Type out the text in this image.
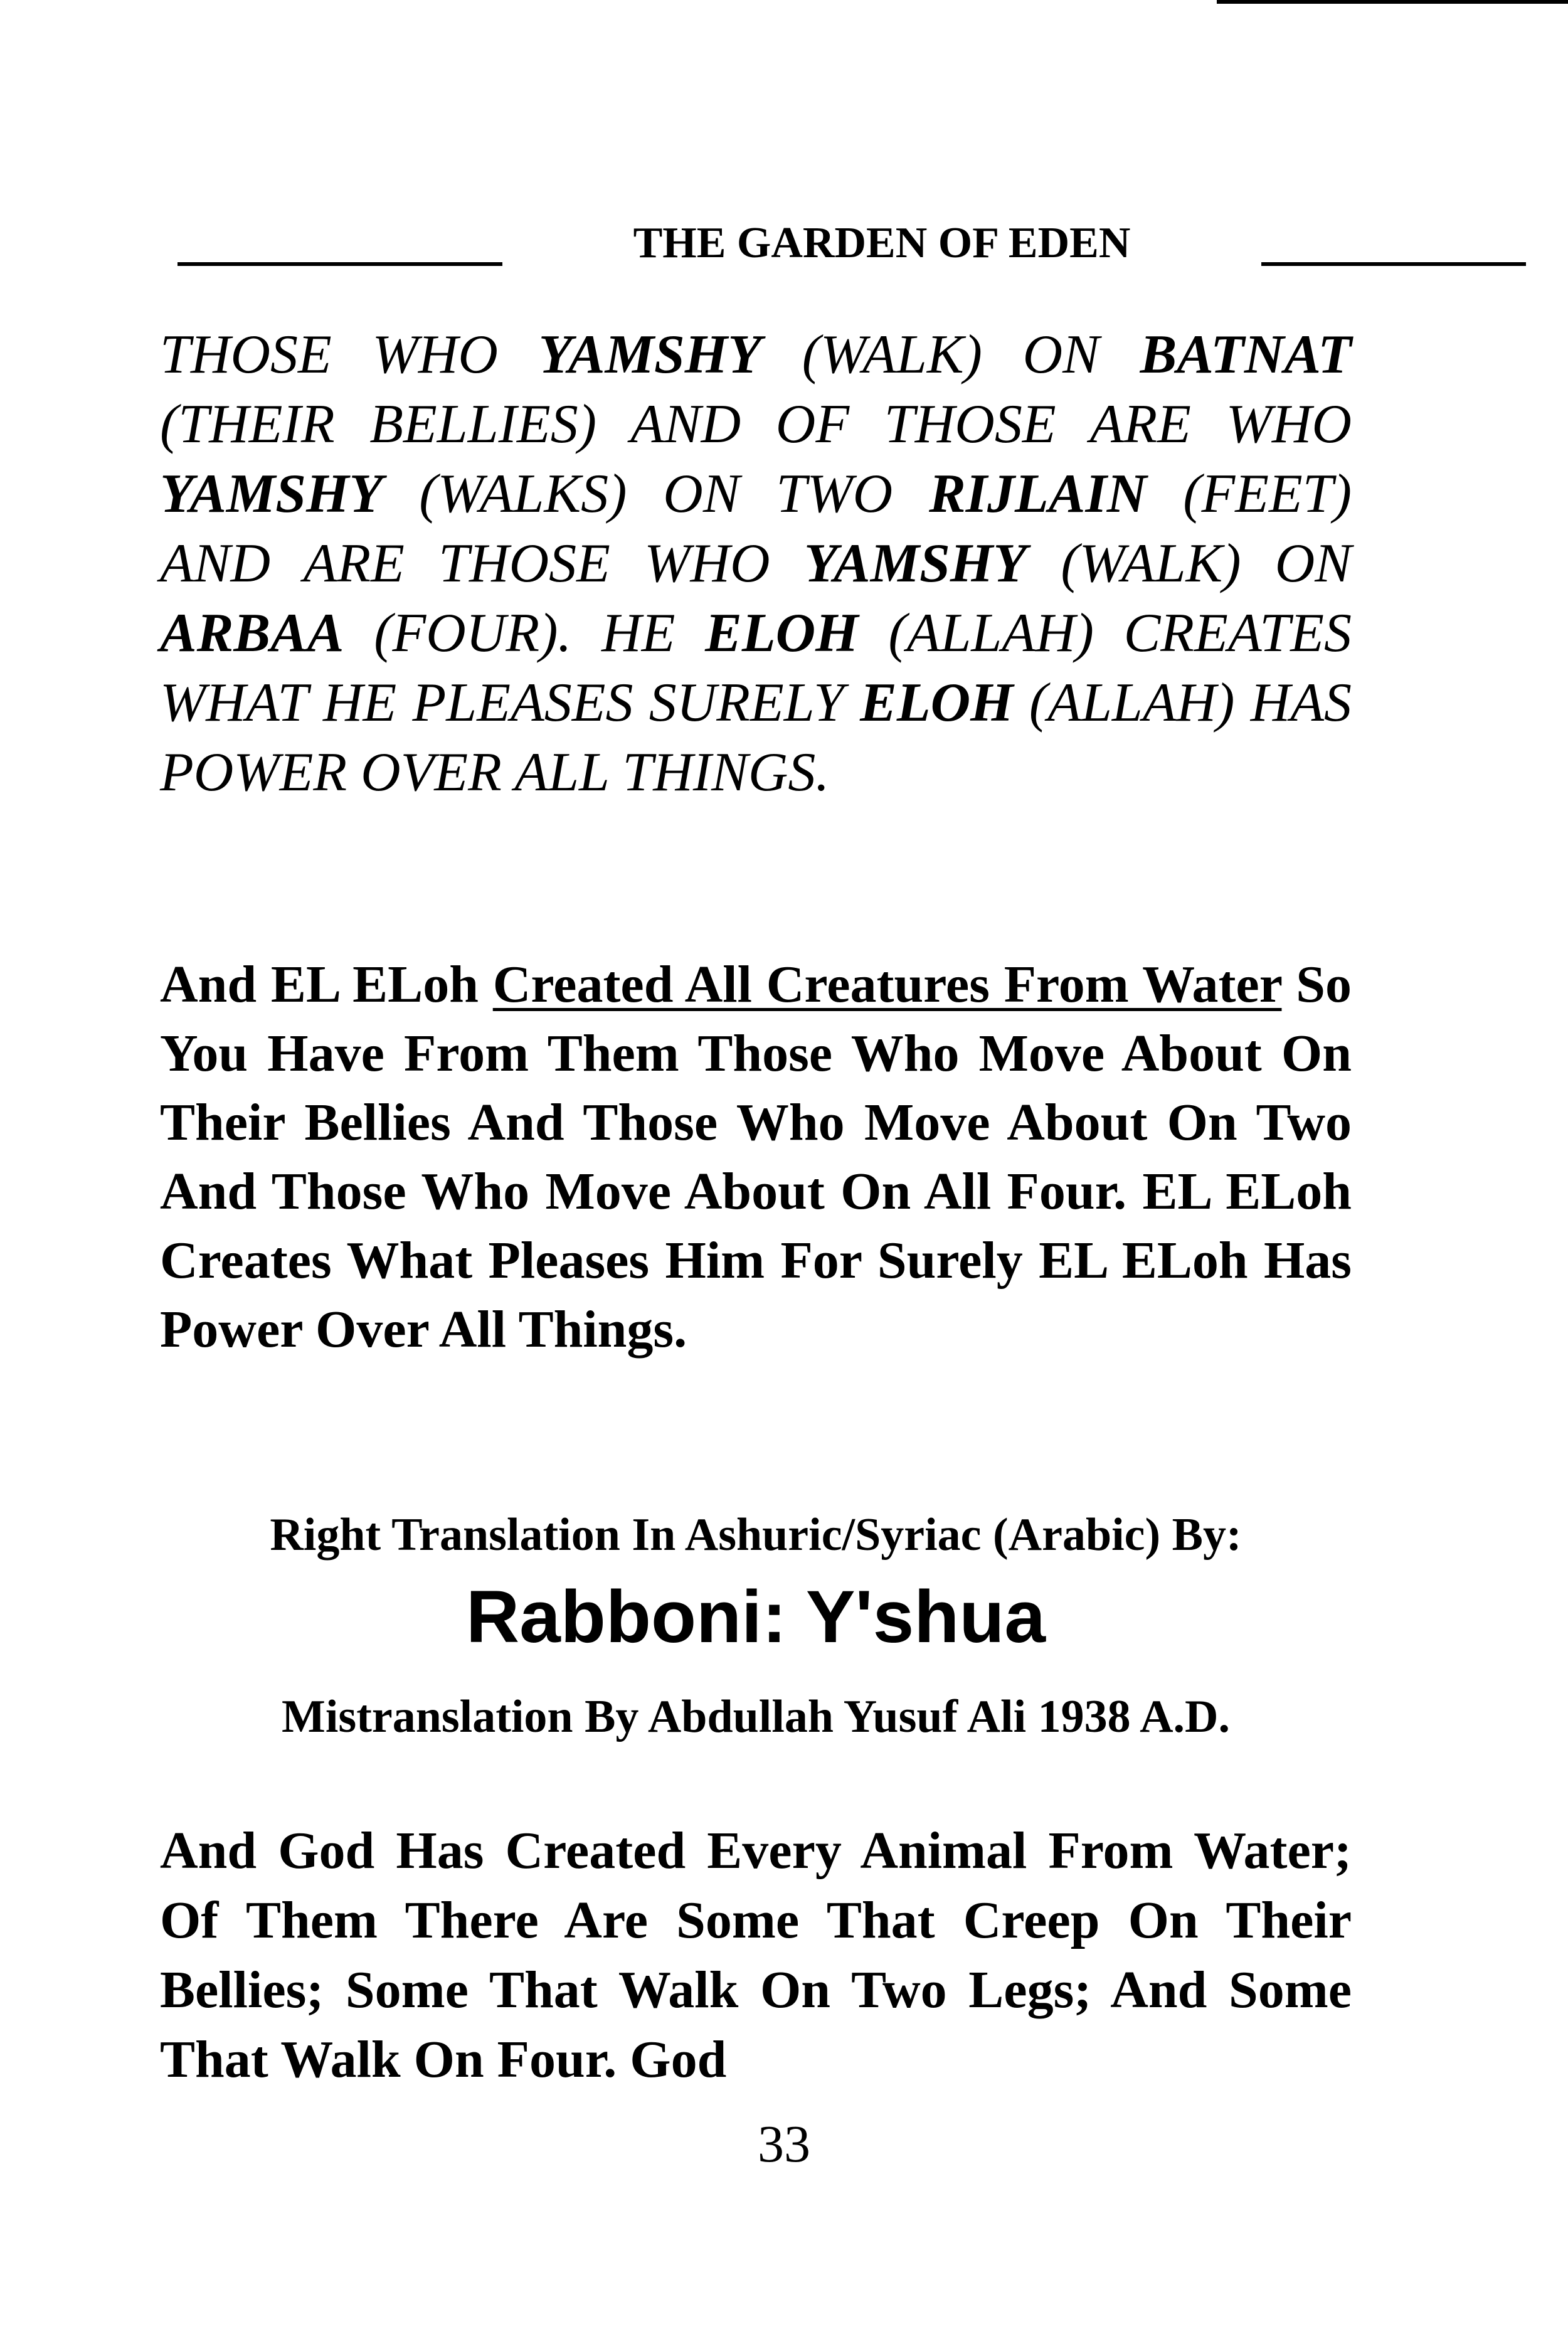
THE GARDEN OF EDEN
THOSE WHO YAMSHY (WALK) ON BATNAT (THEIR BELLIES) AND OF THOSE ARE WHO YAMSHY (WALKS) ON TWO RIJLAIN (FEET) AND ARE THOSE WHO YAMSHY (WALK) ON ARBAA (FOUR). HE ELOH (ALLAH) CREATES WHAT HE PLEASES SURELY ELOH (ALLAH) HAS POWER OVER ALL THINGS.
And EL ELoh Created All Creatures From Water So You Have From Them Those Who Move About On Their Bellies And Those Who Move About On Two And Those Who Move About On All Four. EL ELoh Creates What Pleases Him For Surely EL ELoh Has Power Over All Things.
Right Translation In Ashuric/Syriac (Arabic) By:
Rabboni: Y'shua
Mistranslation By Abdullah Yusuf Ali 1938 A.D.
And God Has Created Every Animal From Water; Of Them There Are Some That Creep On Their Bellies; Some That Walk On Two Legs; And Some That Walk On Four. God
33
